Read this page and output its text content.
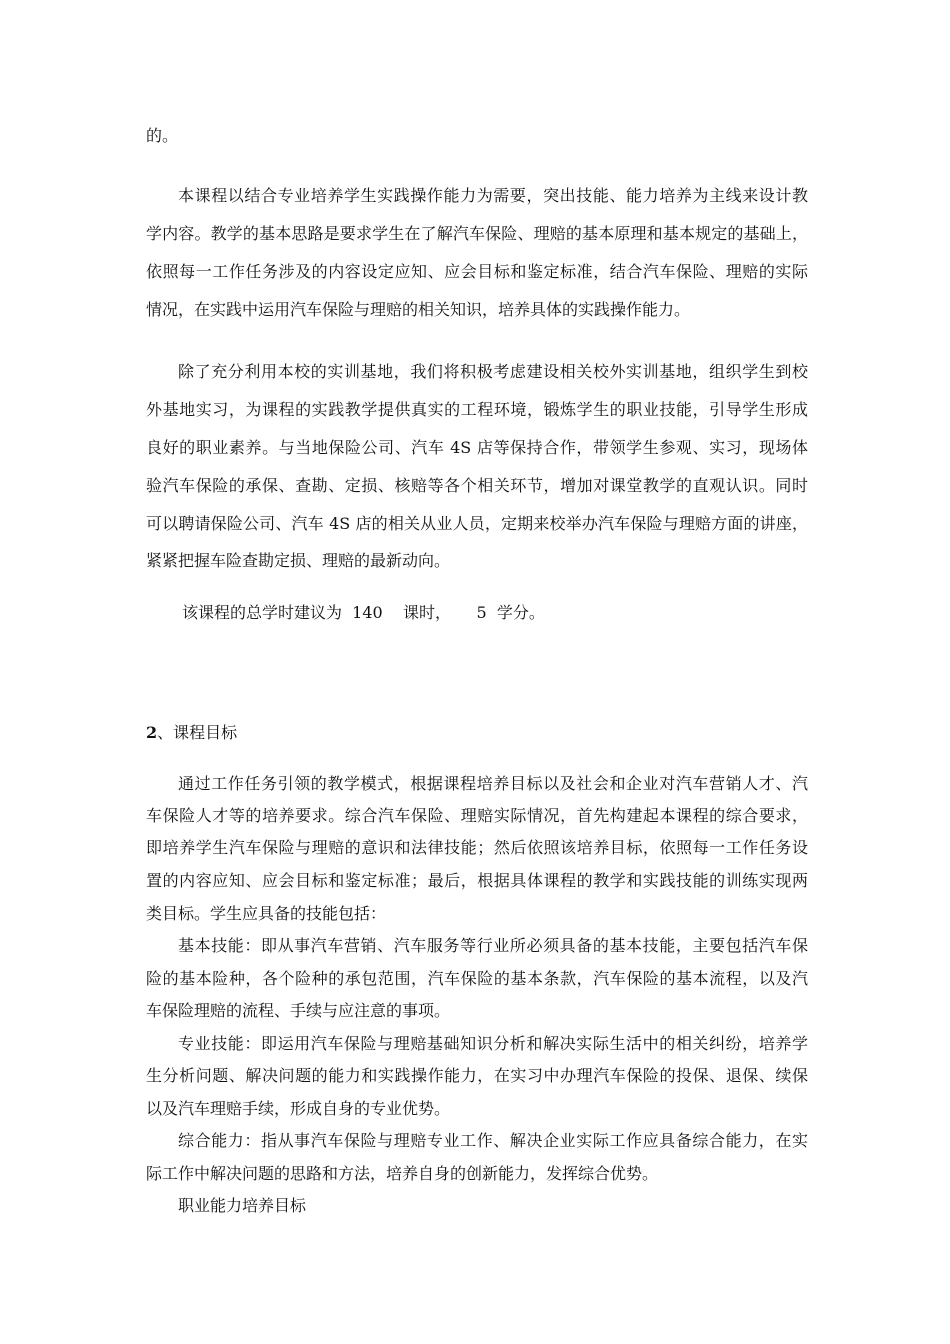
的。
本课程以结合专业培养学生实践操作能力为需要，突出技能、能力培养为主线来设计教
学内容。教学的基本思路是要求学生在了解汽车保险、理赔的基本原理和基本规定的基础上，
依照每一工作任务涉及的内容设定应知、应会目标和鉴定标准，结合汽车保险、理赔的实际
情况，在实践中运用汽车保险与理赔的相关知识，培养具体的实践操作能力。
除了充分利用本校的实训基地，我们将积极考虑建设相关校外实训基地，组织学生到校
外基地实习，为课程的实践教学提供真实的工程环境，锻炼学生的职业技能，引导学生形成
良好的职业素养。与当地保险公司、汽车 4S 店等保持合作，带领学生参观、实习，现场体
验汽车保险的承保、查勘、定损、核赔等各个相关环节，增加对课堂教学的直观认识。同时
可以聘请保险公司、汽车 4S 店的相关从业人员，定期来校举办汽车保险与理赔方面的讲座，
紧紧把握车险查勘定损、理赔的最新动向。
该课程的总学时建议为  140    课时，     5  学分。
2、课程目标
通过工作任务引领的教学模式，根据课程培养目标以及社会和企业对汽车营销人才、汽
车保险人才等的培养要求。综合汽车保险、理赔实际情况，首先构建起本课程的综合要求，
即培养学生汽车保险与理赔的意识和法律技能；然后依照该培养目标，依照每一工作任务设
置的内容应知、应会目标和鉴定标准；最后，根据具体课程的教学和实践技能的训练实现两
类目标。学生应具备的技能包括：
基本技能：即从事汽车营销、汽车服务等行业所必须具备的基本技能，主要包括汽车保
险的基本险种，各个险种的承包范围，汽车保险的基本条款，汽车保险的基本流程，以及汽
车保险理赔的流程、手续与应注意的事项。
专业技能：即运用汽车保险与理赔基础知识分析和解决实际生活中的相关纠纷，培养学
生分析问题、解决问题的能力和实践操作能力，在实习中办理汽车保险的投保、退保、续保
以及汽车理赔手续，形成自身的专业优势。
综合能力：指从事汽车保险与理赔专业工作、解决企业实际工作应具备综合能力，在实
际工作中解决问题的思路和方法，培养自身的创新能力，发挥综合优势。
职业能力培养目标
